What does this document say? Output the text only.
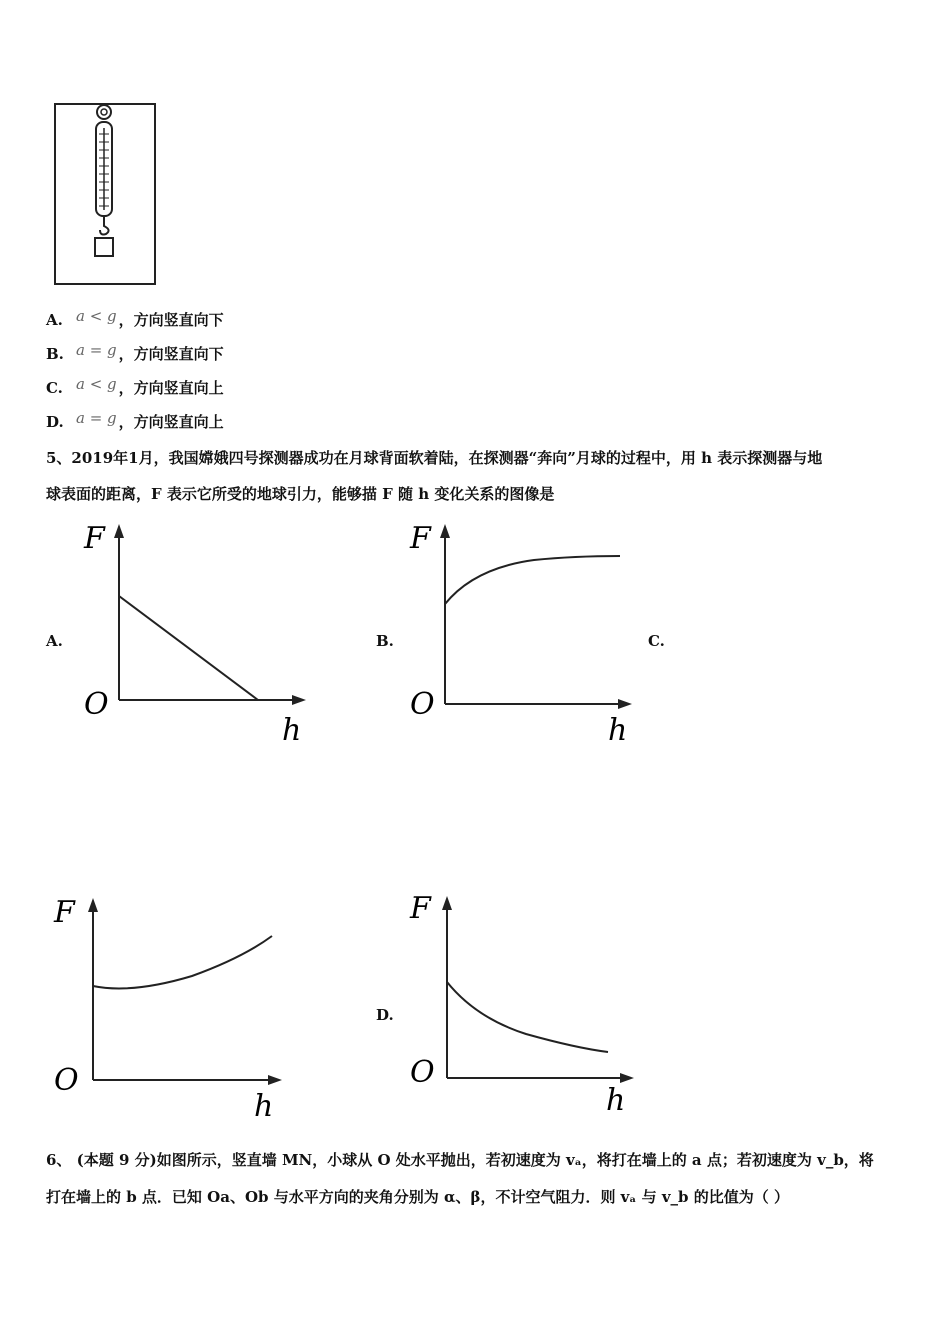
A. a < g ，方向竖直向下
B. a = g ，方向竖直向下
C. a < g ，方向竖直向上
D. a = g ，方向竖直向上
5、2019年1月，我国嫦娥四号探测器成功在月球背面软着陆，在探测器“奔向”月球的过程中，用 h 表示探测器与地
球表面的距离，F 表示它所受的地球引力，能够描 F 随 h 变化关系的图像是
A.
F
O
h
B.
F
O
h
C.
F
O
h
D.
F
O
h
6、 (本题 9 分)如图所示，竖直墙 MN，小球从 O 处水平抛出，若初速度为 vₐ，将打在墙上的 a 点；若初速度为 v_b，将
打在墙上的 b 点．已知 Oa、Ob 与水平方向的夹角分别为 α、β，不计空气阻力．则 vₐ 与 v_b 的比值为（ ）
